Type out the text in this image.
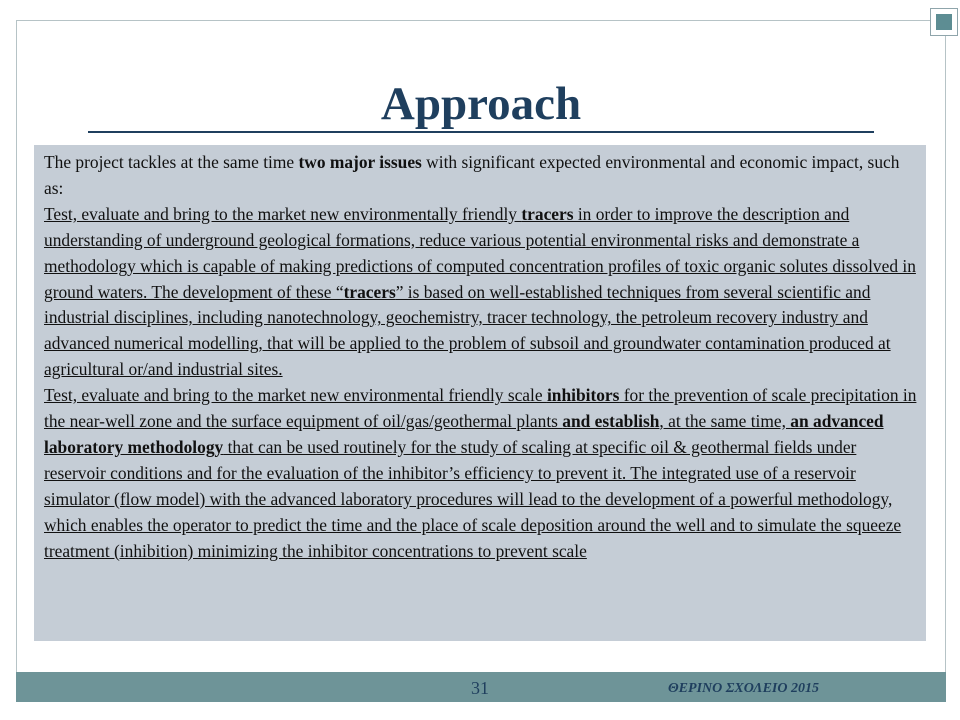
Approach

The project tackles at the same time two major issues with significant expected environmental and economic impact, such as:

Test, evaluate and bring to the market new environmentally friendly tracers in order to improve the description and understanding of underground geological formations, reduce various potential environmental risks and demonstrate a methodology which is capable of making predictions of computed concentration profiles of toxic organic solutes dissolved in ground waters. The development of these “tracers” is based on well-established techniques from several scientific and industrial disciplines, including nanotechnology, geochemistry, tracer technology, the petroleum recovery industry and advanced numerical modelling, that will be applied to the problem of subsoil and groundwater contamination produced at agricultural or/and industrial sites.

Test, evaluate and bring to the market new environmental friendly scale inhibitors for the prevention of scale precipitation in the near-well zone and the surface equipment of oil/gas/geothermal plants and establish, at the same time, an advanced laboratory methodology that can be used routinely for the study of scaling at specific oil & geothermal fields under reservoir conditions and for the evaluation of the inhibitor’s efficiency to prevent it. The integrated use of a reservoir simulator (flow model) with the advanced laboratory procedures will lead to the development of a powerful methodology, which enables the operator to predict the time and the place of scale deposition around the well and to simulate the squeeze treatment (inhibition) minimizing the inhibitor concentrations to prevent scale

31	ΘΕΡΙΝΟ ΣΧΟΛΕΙΟ 2015
